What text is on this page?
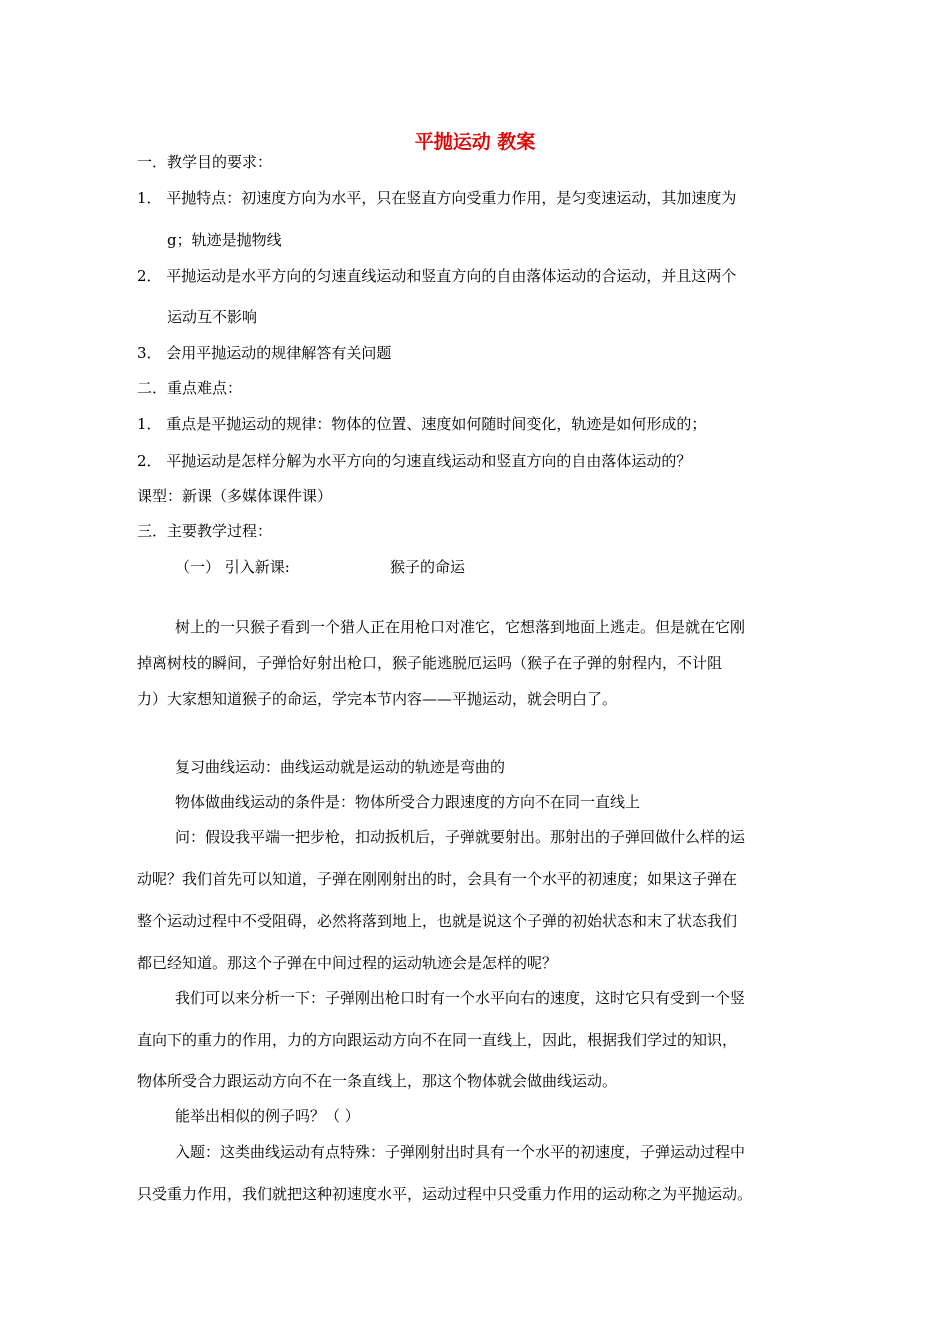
平抛运动 教案
一．教学目的要求：
1． 平抛特点：初速度方向为水平，只在竖直方向受重力作用，是匀变速运动，其加速度为
g；轨迹是抛物线
2． 平抛运动是水平方向的匀速直线运动和竖直方向的自由落体运动的合运动，并且这两个
运动互不影响
3． 会用平抛运动的规律解答有关问题
二．重点难点：
1． 重点是平抛运动的规律：物体的位置、速度如何随时间变化，轨迹是如何形成的；
2． 平抛运动是怎样分解为水平方向的匀速直线运动和竖直方向的自由落体运动的？
课型：新课（多媒体课件课）
三．主要教学过程：
（一） 引入新课:	猴子的命运

树上的一只猴子看到一个猎人正在用枪口对准它，它想落到地面上逃走。但是就在它刚

掉离树枝的瞬间，子弹恰好射出枪口，猴子能逃脱厄运吗（猴子在子弹的射程内，不计阻

力）大家想知道猴子的命运，学完本节内容——平抛运动，就会明白了。

复习曲线运动：曲线运动就是运动的轨迹是弯曲的
物体做曲线运动的条件是：物体所受合力跟速度的方向不在同一直线上
问：假设我平端一把步枪，扣动扳机后，子弹就要射出。那射出的子弹回做什么样的运
动呢？我们首先可以知道，子弹在刚刚射出的时，会具有一个水平的初速度；如果这子弹在
整个运动过程中不受阻碍，必然将落到地上，也就是说这个子弹的初始状态和末了状态我们
都已经知道。那这个子弹在中间过程的运动轨迹会是怎样的呢？
我们可以来分析一下：子弹刚出枪口时有一个水平向右的速度，这时它只有受到一个竖
直向下的重力的作用，力的方向跟运动方向不在同一直线上，因此，根据我们学过的知识，
物体所受合力跟运动方向不在一条直线上，那这个物体就会做曲线运动。
能举出相似的例子吗？（ ）
入题：这类曲线运动有点特殊：子弹刚射出时具有一个水平的初速度，子弹运动过程中
只受重力作用，我们就把这种初速度水平，运动过程中只受重力作用的运动称之为平抛运动。
